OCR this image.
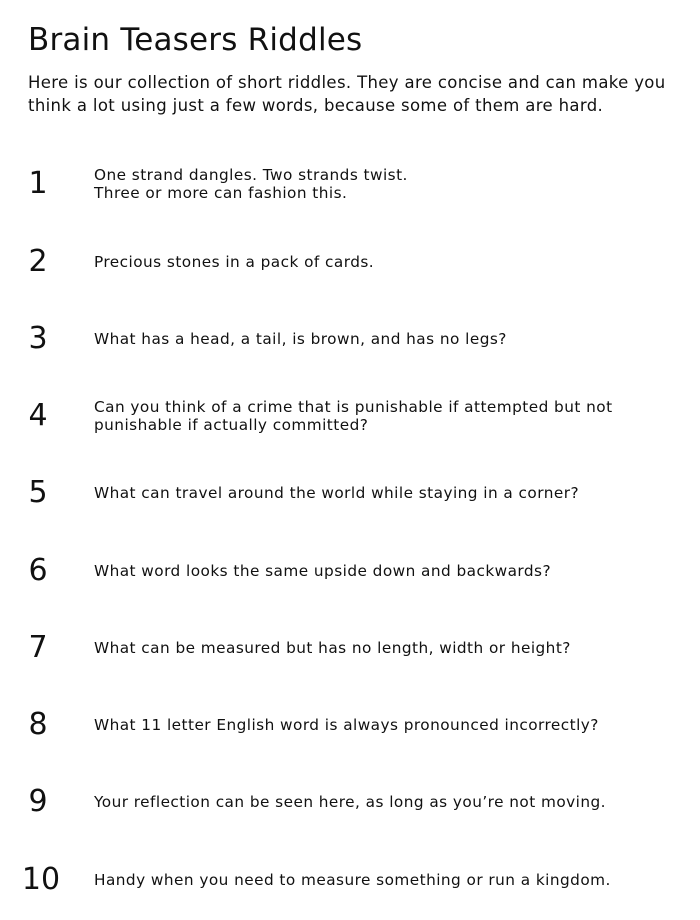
Brain Teasers Riddles

Here is our collection of short riddles. They are concise and can make you think a lot using just a few words, because some of them are hard.

1	One strand dangles. Two strands twist. Three or more can fashion this.
2	Precious stones in a pack of cards.
3	What has a head, a tail, is brown, and has no legs?
4	Can you think of a crime that is punishable if attempted but not punishable if actually committed?
5	What can travel around the world while staying in a corner?
6	What word looks the same upside down and backwards?
7	What can be measured but has no length, width or height?
8	What 11 letter English word is always pronounced incorrectly?
9	Your reflection can be seen here, as long as you’re not moving.
10	Handy when you need to measure something or run a kingdom.
